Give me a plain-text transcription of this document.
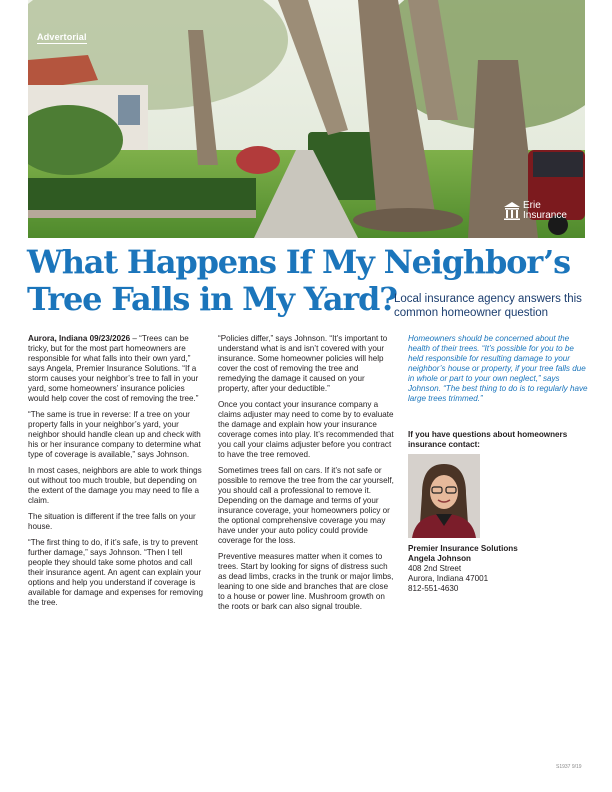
Advertorial
Erie
Insurance
What Happens If My Neighbor’s Tree Falls in My Yard?
Local insurance agency answers this common homeowner question

Aurora, Indiana 09/23/2026 – “Trees can be tricky, but for the most part homeowners are responsible for what falls into their own yard,” says Angela, Premier Insurance Solutions. “If a storm causes your neighbor’s tree to fall in your yard, some homeowners’ insurance policies would help cover the cost of removing the tree.”

“The same is true in reverse: If a tree on your property falls in your neighbor’s yard, your neighbor should handle clean up and check with his or her insurance company to determine what type of coverage is available,” says Johnson.

In most cases, neighbors are able to work things out without too much trouble, but depending on the extent of the damage you may need to file a claim.

The situation is different if the tree falls on your house.

“The first thing to do, if it’s safe, is try to prevent further damage,” says Johnson. “Then I tell people they should take some photos and call their insurance agent. An agent can explain your options and help you understand if coverage is available for damage and expenses for removing the tree.

“Policies differ,” says Johnson. “It’s important to understand what is and isn’t covered with your insurance. Some homeowner policies will help cover the cost of removing the tree and remedying the damage it caused on your property, after your deductible.”

Once you contact your insurance company a claims adjuster may need to come by to evaluate the damage and explain how your insurance coverage comes into play. It’s recommended that you call your claims adjuster before you contract to have the tree removed.

Sometimes trees fall on cars. If it’s not safe or possible to remove the tree from the car yourself, you should call a professional to remove it. Depending on the damage and terms of your insurance coverage, your homeowners policy or the optional comprehensive coverage you may have under your auto policy could provide coverage for the loss.

Preventive measures matter when it comes to trees. Start by looking for signs of distress such as dead limbs, cracks in the trunk or major limbs, leaning to one side and branches that are close to a house or power line. Mushroom growth on the roots or bark can also signal trouble.

Homeowners should be concerned about the health of their trees. “It’s possible for you to be held responsible for resulting damage to your neighbor’s house or property, if your tree falls due in whole or part to your own neglect,” says Johnson. “The best thing to do is to regularly have large trees trimmed.”

If you have questions about homeowners insurance contact:
Premier Insurance Solutions
Angela Johnson
408 2nd Street
Aurora, Indiana 47001
812-551-4630
S1937 9/19
